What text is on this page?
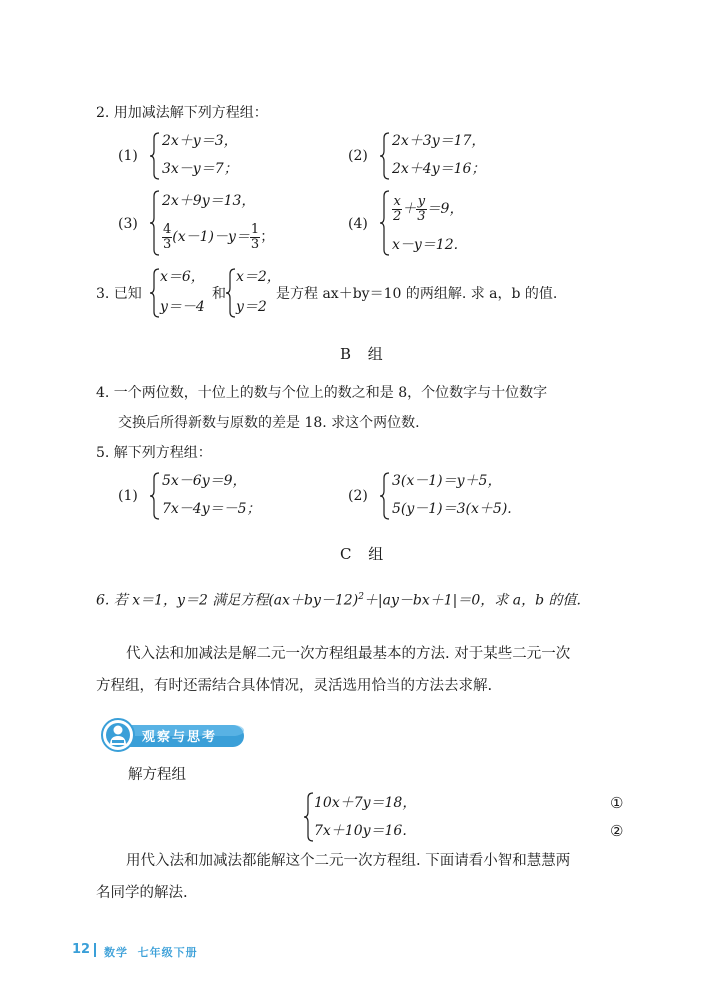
2. 用加减法解下列方程组：
(1)
2x＋y＝3，
3x－y＝7；
(2)
2x＋3y＝17，
2x＋4y＝16；
(3)
2x＋9y＝13，
$\frac{4}{3} (x-1)-y= \frac{1}{3}$ ；
(4)
$\frac{x}{2} + \frac{y}{3} =9$，
x－y＝12.
3. 已知
x＝6，
y＝－4
和
x＝2，
y＝2
是方程 ax＋by＝10 的两组解. 求 a，b 的值.
B 组
4. 一个两位数，十位上的数与个位上的数之和是 8，个位数字与十位数字
交换后所得新数与原数的差是 18. 求这个两位数.
5. 解下列方程组：
(1)
5x－6y＝9，
7x－4y＝－5；
(2)
3(x－1)＝y＋5，
5(y－1)＝3(x＋5).
C 组
6. 若 x＝1，y＝2 满足方程$(ax+by-12)^2+|ay-bx+1|=0$，求 a，b 的值.
代入法和加减法是解二元一次方程组最基本的方法. 对于某些二元一次
方程组，有时还需结合具体情况，灵活选用恰当的方法去求解.
观察与思考
解方程组
10x＋7y＝18，
7x＋10y＝16.
①
②
用代入法和加减法都能解这个二元一次方程组. 下面请看小智和慧慧两
名同学的解法.
12 数学  七年级下册
